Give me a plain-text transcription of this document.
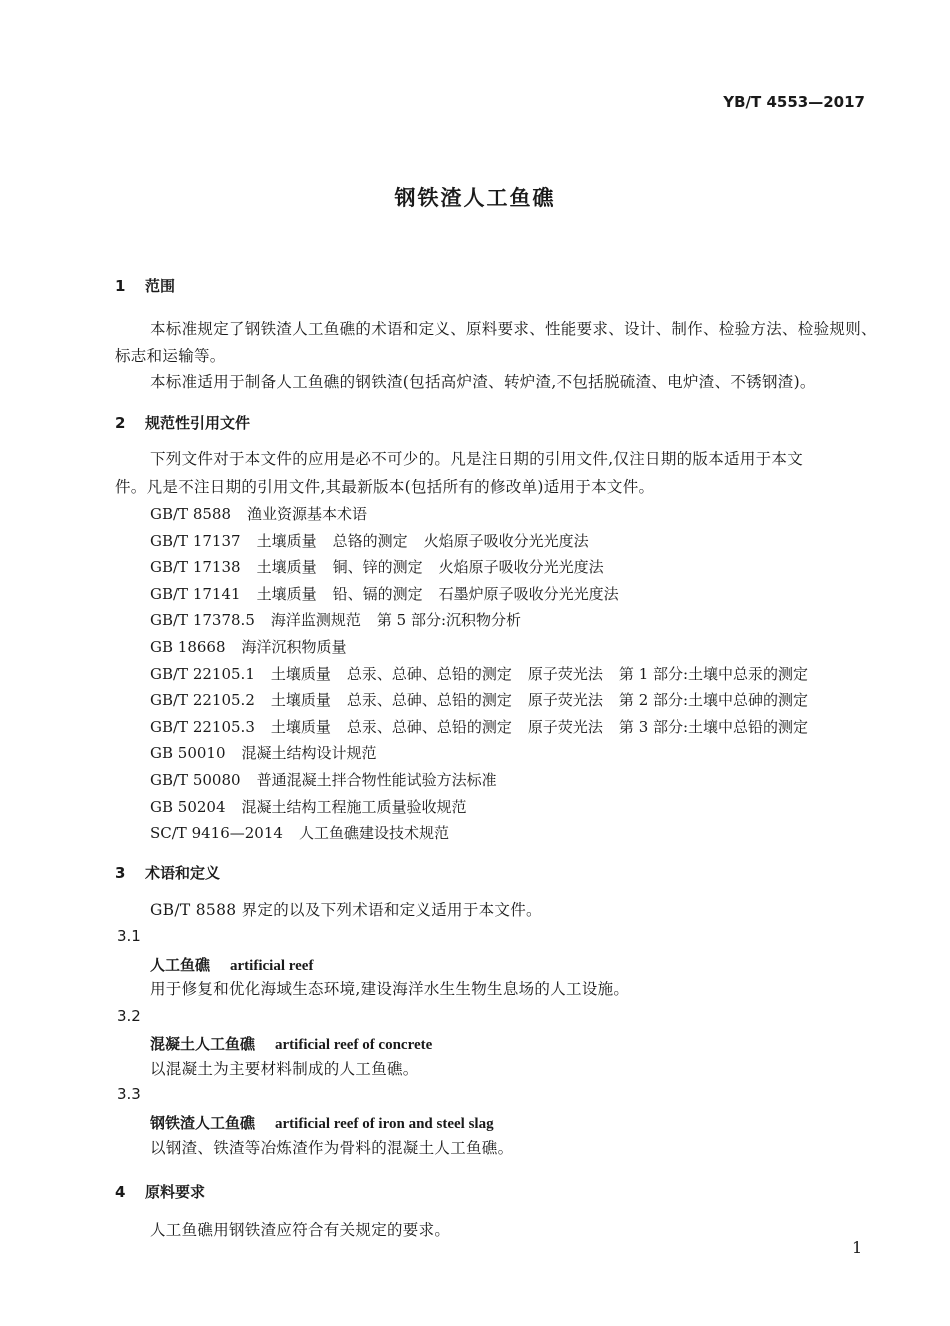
YB/T 4553—2017
钢铁渣人工鱼礁
1 范围
本标准规定了钢铁渣人工鱼礁的术语和定义、原料要求、性能要求、设计、制作、检验方法、检验规则、
标志和运输等。
本标准适用于制备人工鱼礁的钢铁渣(包括高炉渣、转炉渣,不包括脱硫渣、电炉渣、不锈钢渣)。
2 规范性引用文件
下列文件对于本文件的应用是必不可少的。凡是注日期的引用文件,仅注日期的版本适用于本文
件。凡是不注日期的引用文件,其最新版本(包括所有的修改单)适用于本文件。
GB/T 8588 渔业资源基本术语
GB/T 17137 土壤质量 总铬的测定 火焰原子吸收分光光度法
GB/T 17138 土壤质量 铜、锌的测定 火焰原子吸收分光光度法
GB/T 17141 土壤质量 铅、镉的测定 石墨炉原子吸收分光光度法
GB/T 17378.5 海洋监测规范 第 5 部分:沉积物分析
GB 18668 海洋沉积物质量
GB/T 22105.1 土壤质量 总汞、总砷、总铅的测定 原子荧光法 第 1 部分:土壤中总汞的测定
GB/T 22105.2 土壤质量 总汞、总砷、总铅的测定 原子荧光法 第 2 部分:土壤中总砷的测定
GB/T 22105.3 土壤质量 总汞、总砷、总铅的测定 原子荧光法 第 3 部分:土壤中总铅的测定
GB 50010 混凝土结构设计规范
GB/T 50080 普通混凝土拌合物性能试验方法标准
GB 50204 混凝土结构工程施工质量验收规范
SC/T 9416—2014 人工鱼礁建设技术规范
3 术语和定义
GB/T 8588 界定的以及下列术语和定义适用于本文件。
3.1
人工鱼礁 artificial reef
用于修复和优化海域生态环境,建设海洋水生生物生息场的人工设施。
3.2
混凝土人工鱼礁 artificial reef of concrete
以混凝土为主要材料制成的人工鱼礁。
3.3
钢铁渣人工鱼礁 artificial reef of iron and steel slag
以钢渣、铁渣等冶炼渣作为骨料的混凝土人工鱼礁。
4 原料要求
人工鱼礁用钢铁渣应符合有关规定的要求。
1
